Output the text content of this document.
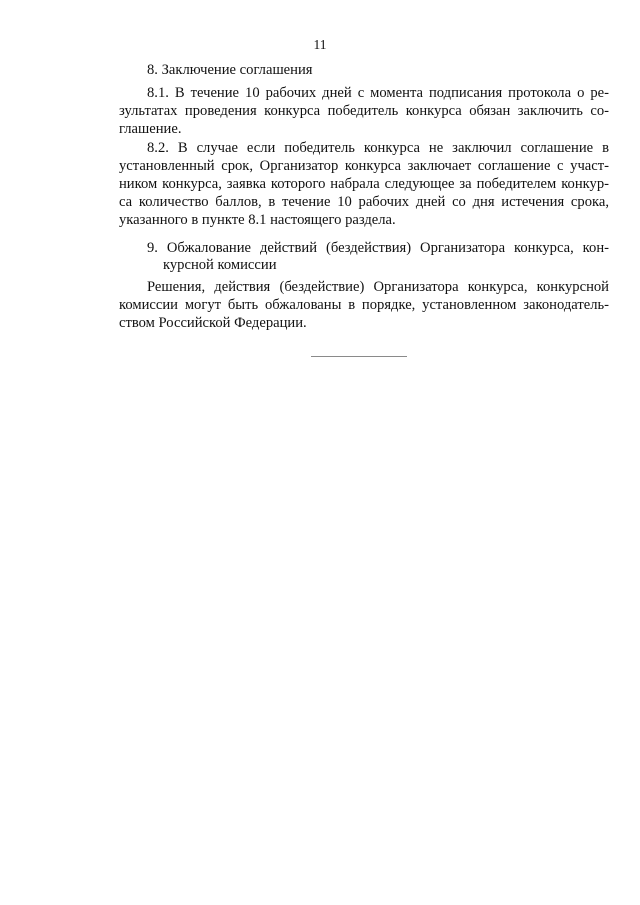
11
8. Заключение соглашения
8.1. В течение 10 рабочих дней с момента подписания протокола о ре-
зультатах проведения конкурса победитель конкурса обязан заключить со-
глашение.
8.2. В случае если победитель конкурса не заключил соглашение в
установленный срок, Организатор конкурса заключает соглашение с участ-
ником конкурса, заявка которого набрала следующее за победителем конкур-
са количество баллов, в течение 10 рабочих дней со дня истечения срока,
указанного в пункте 8.1 настоящего раздела.
9. Обжалование действий (бездействия) Организатора конкурса, кон-
курсной комиссии
Решения, действия (бездействие) Организатора конкурса, конкурсной
комиссии могут быть обжалованы в порядке, установленном законодатель-
ством Российской Федерации.
